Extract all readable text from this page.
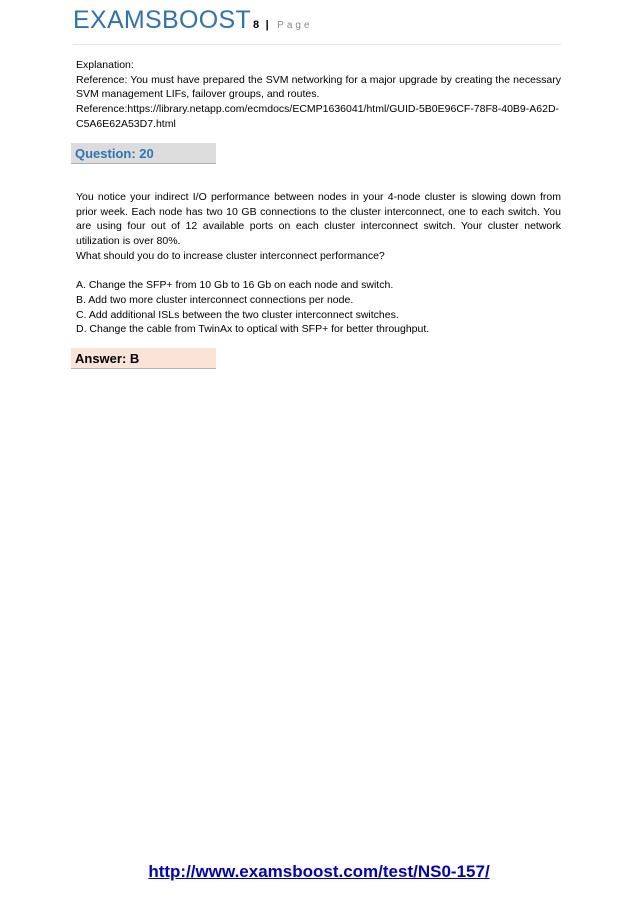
EXAMSBOOST 8 | Page

Explanation:

Reference: You must have prepared the SVM networking for a major upgrade by creating the necessary SVM management LIFs, failover groups, and routes.

Reference:https://library.netapp.com/ecmdocs/ECMP1636041/html/GUID-5B0E96CF-78F8-40B9-A62D-C5A6E62A53D7.html

Question: 20

You notice your indirect I/O performance between nodes in your 4-node cluster is slowing down from prior week. Each node has two 10 GB connections to the cluster interconnect, one to each switch. You are using four out of 12 available ports on each cluster interconnect switch. Your cluster network utilization is over 80%.

What should you do to increase cluster interconnect performance?

A. Change the SFP+ from 10 Gb to 16 Gb on each node and switch.

B. Add two more cluster interconnect connections per node.

C. Add additional ISLs between the two cluster interconnect switches.

D. Change the cable from TwinAx to optical with SFP+ for better throughput.

Answer: B
http://www.examsboost.com/test/NS0-157/
